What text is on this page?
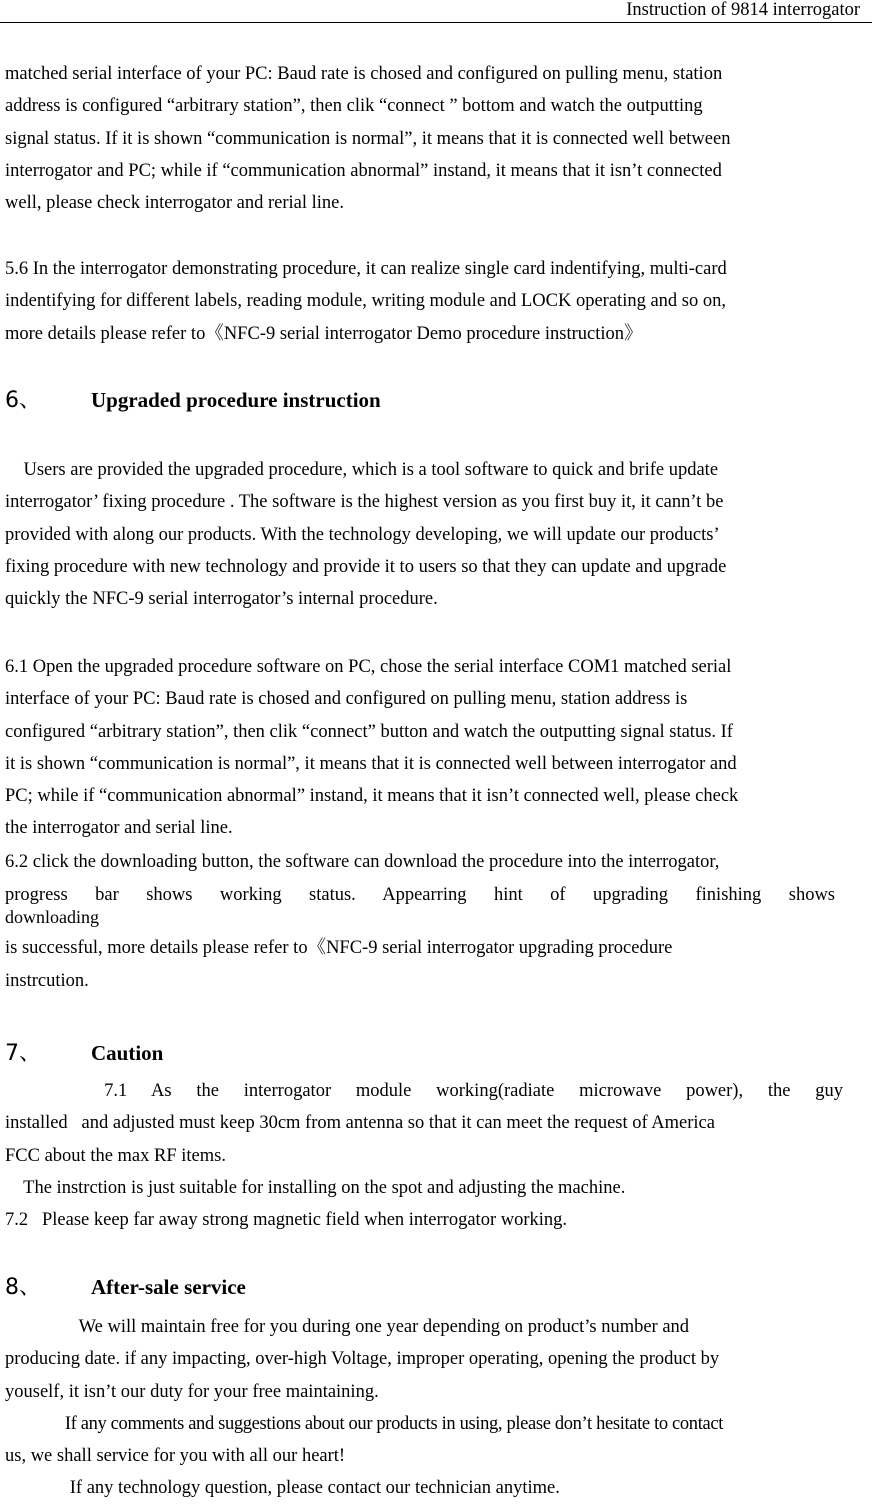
Instruction of 9814 interrogator
matched serial interface of your PC: Baud rate is chosed and configured on pulling menu, station
address is configured “arbitrary station”, then clik “connect ” bottom and watch the outputting
signal status. If it is shown “communication is normal”, it means that it is connected well between
interrogator and PC; while if “communication abnormal” instand, it means that it isn’t connected
well, please check interrogator and rerial line.
5.6 In the interrogator demonstrating procedure, it can realize single card indentifying, multi-card
indentifying for different labels, reading module, writing module and LOCK operating and so on,
more details please refer to《NFC-9 serial interrogator Demo procedure instruction》
6、 Upgraded procedure instruction
Users are provided the upgraded procedure, which is a tool software to quick and brife update
interrogator’ fixing procedure . The software is the highest version as you first buy it, it cann’t be
provided with along our products. With the technology developing, we will update our products’
fixing procedure with new technology and provide it to users so that they can update and upgrade
quickly the NFC-9 serial interrogator’s internal procedure.
6.1 Open the upgraded procedure software on PC, chose the serial interface COM1 matched serial
interface of your PC: Baud rate is chosed and configured on pulling menu, station address is
configured “arbitrary station”, then clik “connect” button and watch the outputting signal status. If
it is shown “communication is normal”, it means that it is connected well between interrogator and
PC; while if “communication abnormal” instand, it means that it isn’t connected well, please check
the interrogator and serial line.
6.2 click the downloading button, the software can download the procedure into the interrogator,
progress bar shows working status. Appearring hint of upgrading finishing shows
downloading
is successful, more details please refer to《NFC-9 serial interrogator upgrading procedure
instrcution.
7、 Caution
7.1 As the interrogator module working(radiate microwave power), the guy
installed   and adjusted must keep 30cm from antenna so that it can meet the request of America
FCC about the max RF items.
The instrction is just suitable for installing on the spot and adjusting the machine.
7.2   Please keep far away strong magnetic field when interrogator working.
8、 After-sale service
We will maintain free for you during one year depending on product’s number and
producing date. if any impacting, over-high Voltage, improper operating, opening the product by
youself, it isn’t our duty for your free maintaining.
If any comments and suggestions about our products in using, please don’t hesitate to contact
us, we shall service for you with all our heart!
If any technology question, please contact our technician anytime.
